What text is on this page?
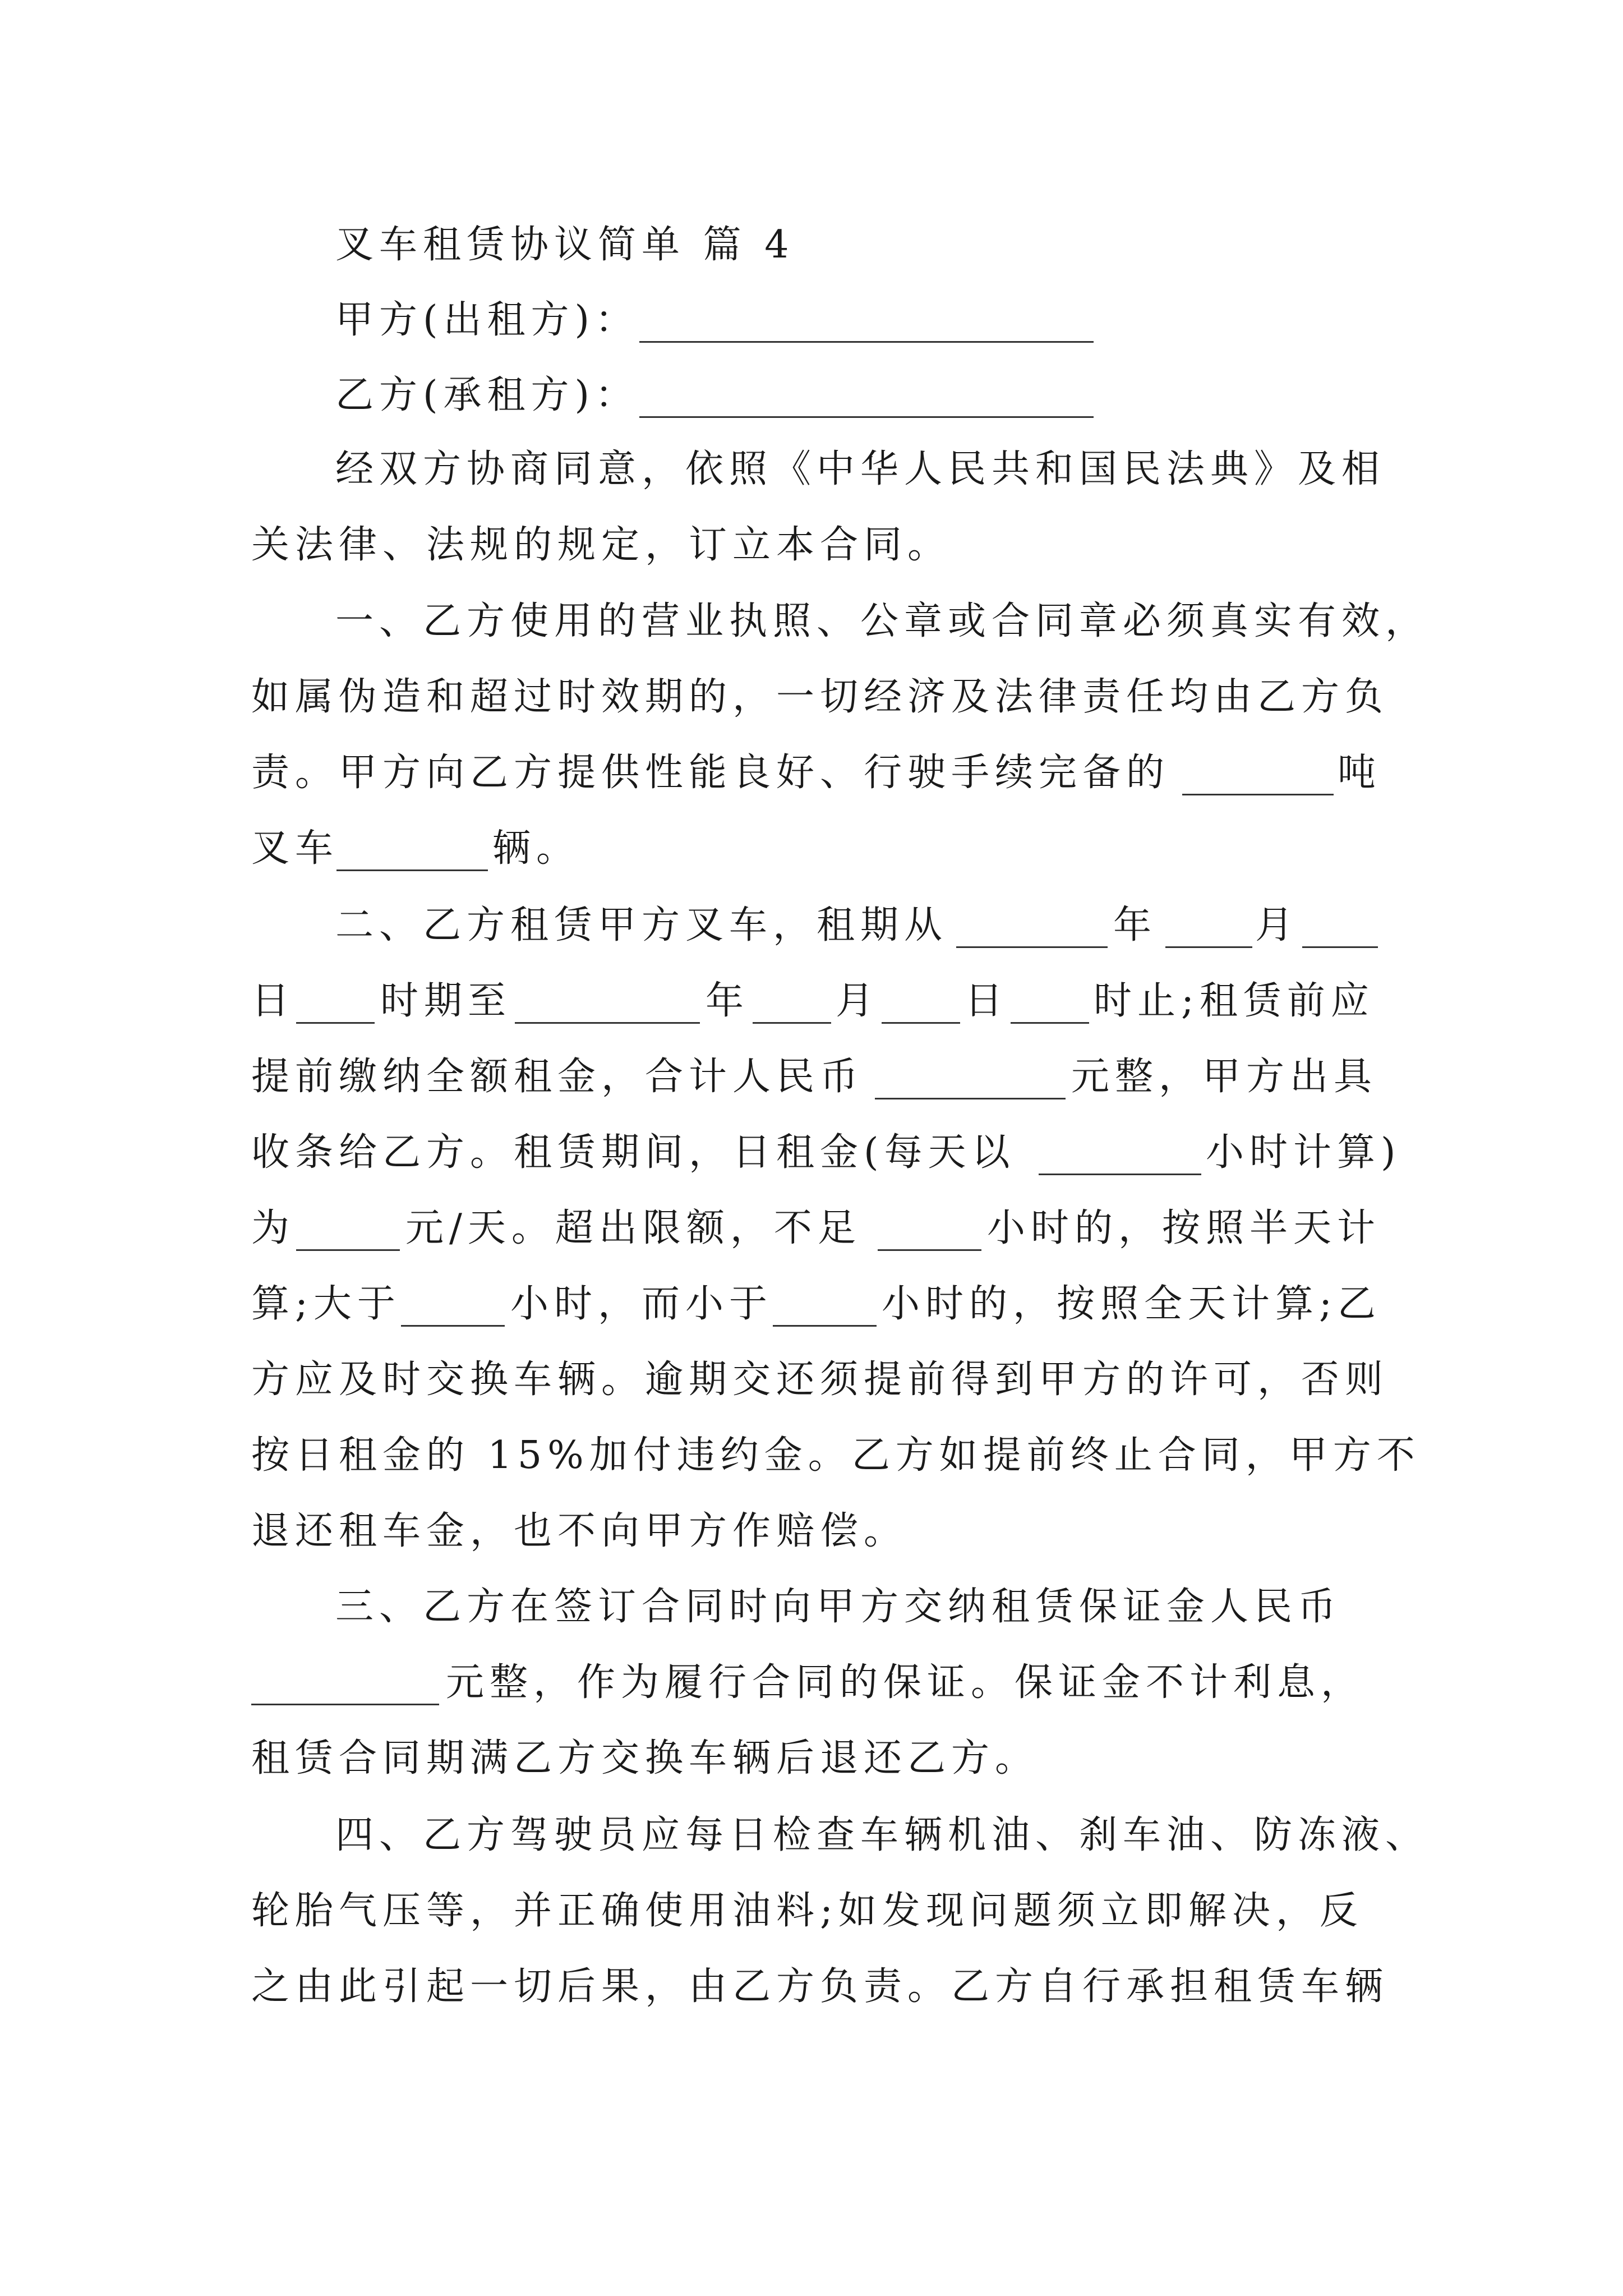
叉车租赁协议简单 篇 4
甲方(出租方)：
乙方(承租方)：
经双方协商同意，依照《中华人民共和国民法典》及相
关法律、法规的规定，订立本合同。
一、乙方使用的营业执照、公章或合同章必须真实有效，
如属伪造和超过时效期的，一切经济及法律责任均由乙方负
责。甲方向乙方提供性能良好、行驶手续完备的	吨
叉车	辆。
二、乙方租赁甲方叉车，租期从	年	月
日 时期至	年 月 日 时止;租赁前应
提前缴纳全额租金，合计人民币	元整，甲方出具
收条给乙方。租赁期间，日租金(每天以	小时计算)
为	元/天。超出限额，不足	小时的，按照半天计
算;大于	小时，而小于	小时的，按照全天计算;乙
方应及时交换车辆。逾期交还须提前得到甲方的许可，否则
按日租金的 15%加付违约金。乙方如提前终止合同，甲方不
退还租车金，也不向甲方作赔偿。
三、乙方在签订合同时向甲方交纳租赁保证金人民币
元整，作为履行合同的保证。保证金不计利息，
租赁合同期满乙方交换车辆后退还乙方。
四、乙方驾驶员应每日检查车辆机油、刹车油、防冻液、
轮胎气压等，并正确使用油料;如发现问题须立即解决，反
之由此引起一切后果，由乙方负责。乙方自行承担租赁车辆
